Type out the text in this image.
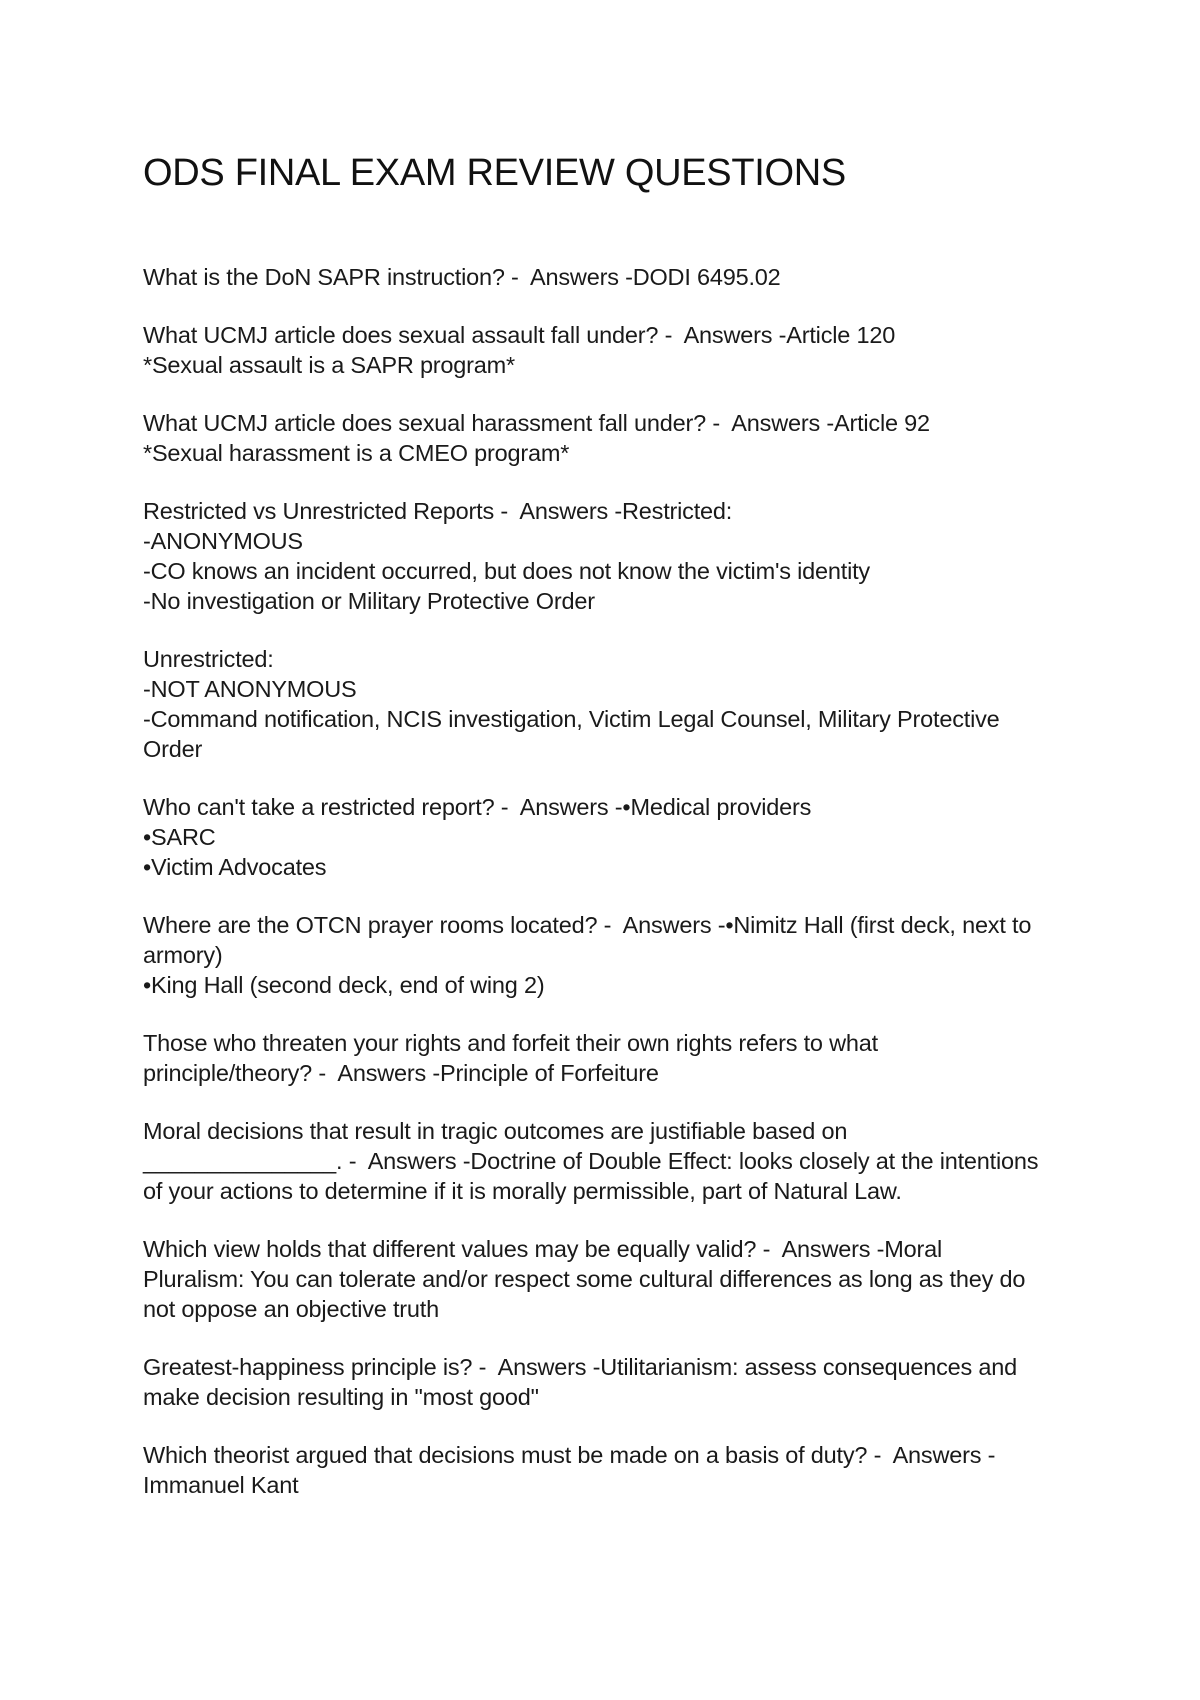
ODS FINAL EXAM REVIEW QUESTIONS
What is the DoN SAPR instruction? -  Answers -DODI 6495.02
What UCMJ article does sexual assault fall under? -  Answers -Article 120
*Sexual assault is a SAPR program*
What UCMJ article does sexual harassment fall under? -  Answers -Article 92
*Sexual harassment is a CMEO program*
Restricted vs Unrestricted Reports -  Answers -Restricted:
-ANONYMOUS
-CO knows an incident occurred, but does not know the victim's identity
-No investigation or Military Protective Order
Unrestricted:
-NOT ANONYMOUS
-Command notification, NCIS investigation, Victim Legal Counsel, Military Protective
Order
Who can't take a restricted report? -  Answers -•Medical providers
•SARC
•Victim Advocates
Where are the OTCN prayer rooms located? -  Answers -•Nimitz Hall (first deck, next to
armory)
•King Hall (second deck, end of wing 2)
Those who threaten your rights and forfeit their own rights refers to what
principle/theory? -  Answers -Principle of Forfeiture
Moral decisions that result in tragic outcomes are justifiable based on
_______________. -  Answers -Doctrine of Double Effect: looks closely at the intentions
of your actions to determine if it is morally permissible, part of Natural Law.
Which view holds that different values may be equally valid? -  Answers -Moral
Pluralism: You can tolerate and/or respect some cultural differences as long as they do
not oppose an objective truth
Greatest-happiness principle is? -  Answers -Utilitarianism: assess consequences and
make decision resulting in "most good"
Which theorist argued that decisions must be made on a basis of duty? -  Answers -
Immanuel Kant
